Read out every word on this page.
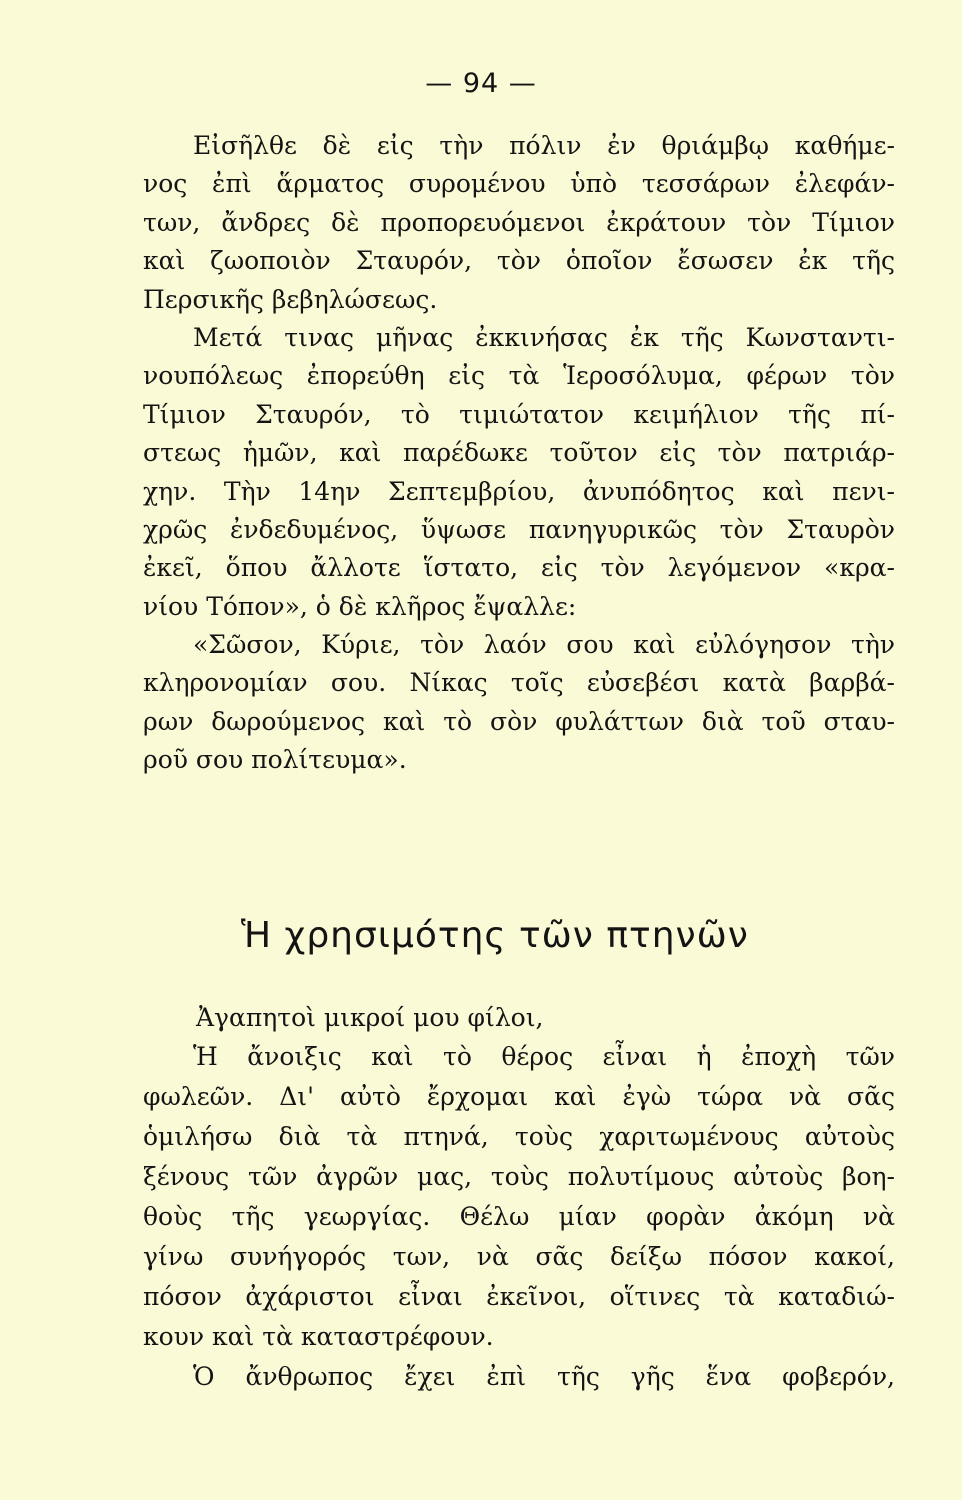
— 94 —
Εἰσῆλθε δὲ εἰς τὴν πόλιν ἐν θριάμβῳ καθήμε-
νος ἐπὶ ἅρματος συρομένου ὑπὸ τεσσάρων ἐλεφάν-
των, ἄνδρες δὲ προπορευόμενοι ἐκράτουν τὸν Τίμιον
καὶ ζωοποιὸν Σταυρόν, τὸν ὁποῖον ἔσωσεν ἐκ τῆς
Περσικῆς βεβηλώσεως.
Μετά τινας μῆνας ἐκκινήσας ἐκ τῆς Κωνσταντι-
νουπόλεως ἐπορεύθη εἰς τὰ Ἱεροσόλυμα, φέρων τὸν
Τίμιον Σταυρόν, τὸ τιμιώτατον κειμήλιον τῆς πί-
στεως ἡμῶν, καὶ παρέδωκε τοῦτον εἰς τὸν πατριάρ-
χην. Τὴν 14ην Σεπτεμβρίου, ἀνυπόδητος καὶ πενι-
χρῶς ἐνδεδυμένος, ὕψωσε πανηγυρικῶς τὸν Σταυρὸν
ἐκεῖ, ὅπου ἄλλοτε ἵστατο, εἰς τὸν λεγόμενον «κρα-
νίου Τόπον», ὁ δὲ κλῆρος ἔψαλλε:
«Σῶσον, Κύριε, τὸν λαόν σου καὶ εὐλόγησον τὴν
κληρονομίαν σου. Νίκας τοῖς εὐσεβέσι κατὰ βαρβά-
ρων δωρούμενος καὶ τὸ σὸν φυλάττων διὰ τοῦ σταυ-
ροῦ σου πολίτευμα».
Ἡ χρησιμότης τῶν πτηνῶν
Ἀγαπητοὶ μικροί μου φίλοι,
Ἡ ἄνοιξις καὶ τὸ θέρος εἶναι ἡ ἐποχὴ τῶν
φωλεῶν. Δι' αὐτὸ ἔρχομαι καὶ ἐγὼ τώρα νὰ σᾶς
ὁμιλήσω διὰ τὰ πτηνά, τοὺς χαριτωμένους αὐτοὺς
ξένους τῶν ἀγρῶν μας, τοὺς πολυτίμους αὐτοὺς βοη-
θοὺς τῆς γεωργίας. Θέλω μίαν φορὰν ἀκόμη νὰ
γίνω συνήγορός των, νὰ σᾶς δείξω πόσον κακοί,
πόσον ἀχάριστοι εἶναι ἐκεῖνοι, οἵτινες τὰ καταδιώ-
κουν καὶ τὰ καταστρέφουν.
Ὁ ἄνθρωπος ἔχει ἐπὶ τῆς γῆς ἕνα φοβερόν,
